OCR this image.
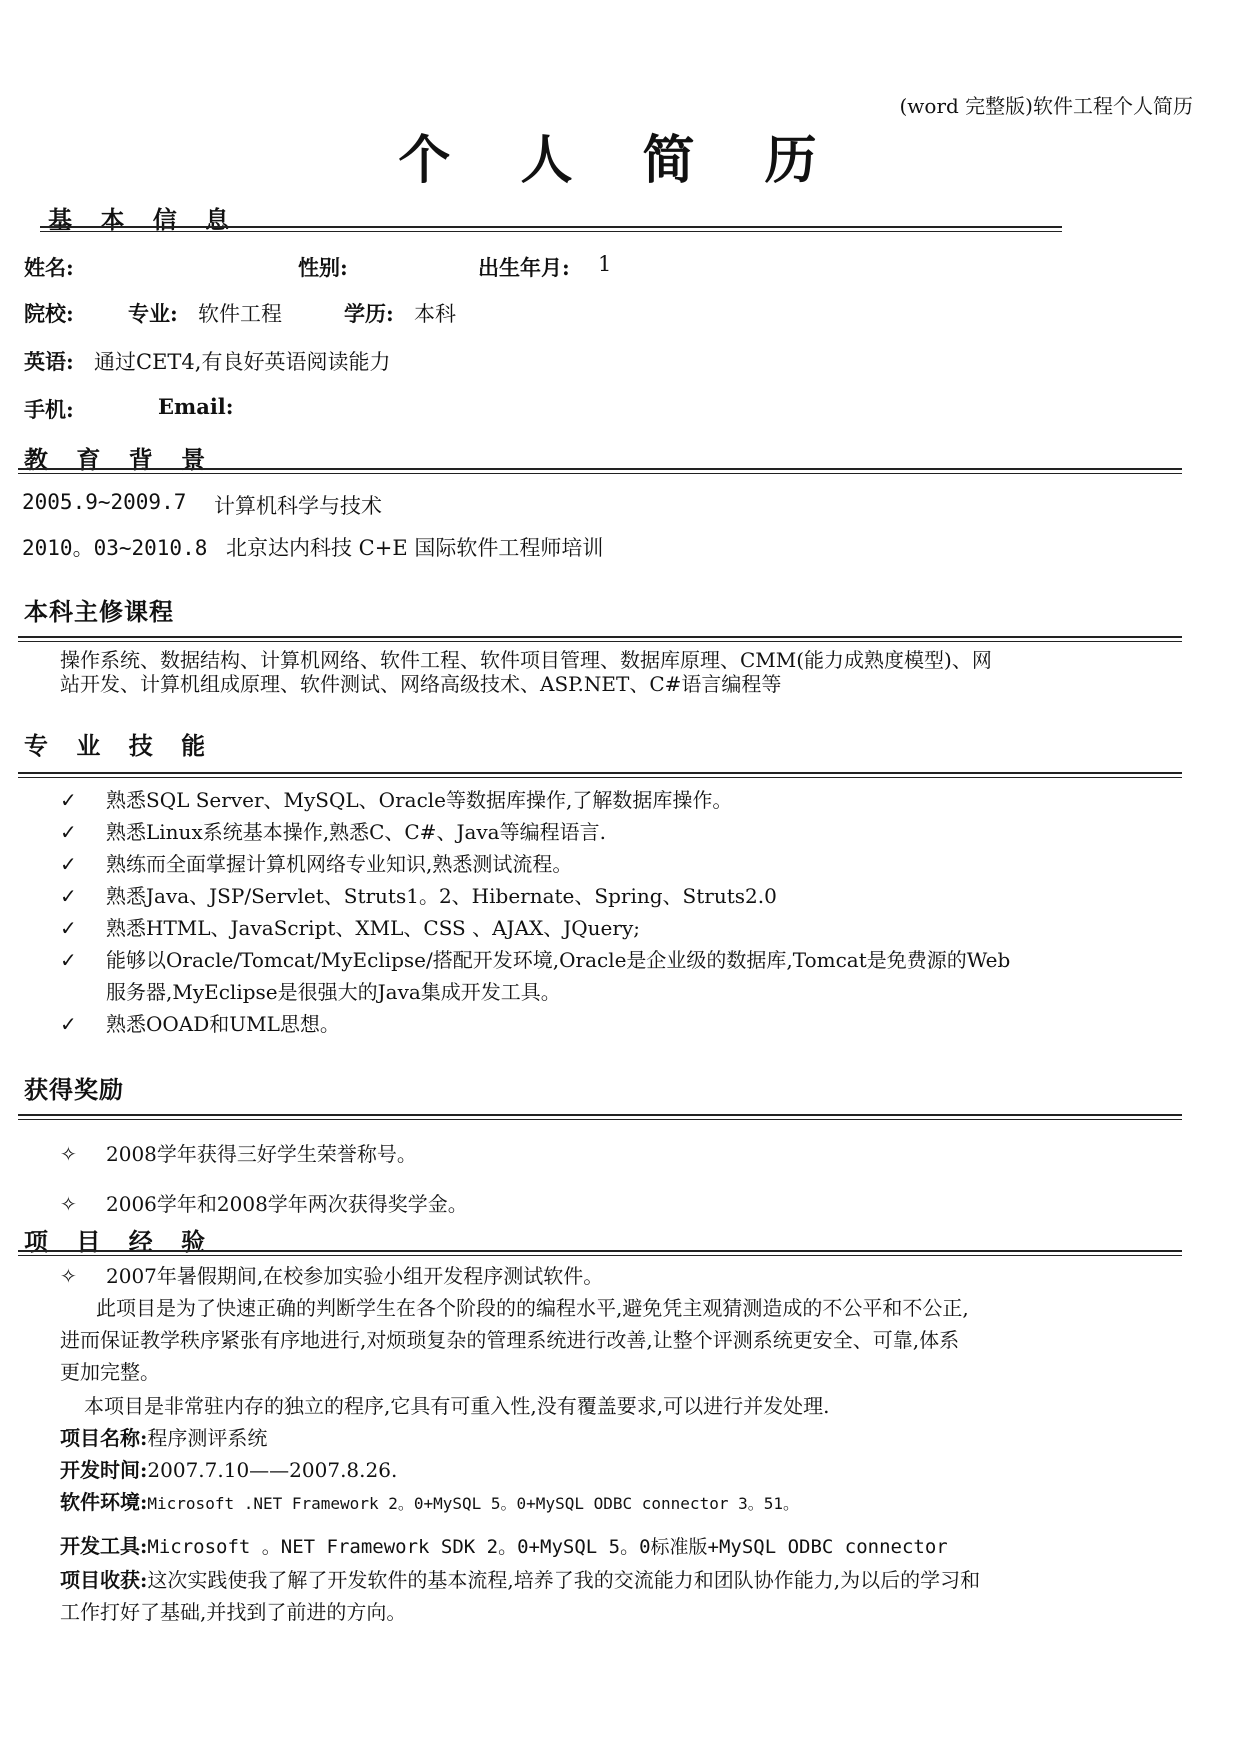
(word 完整版)软件工程个人简历
个 人 简 历
基 本 信 息
姓名:	性别:	出生年月: 1
院校:	专业: 软件工程	学历: 本科
英语: 通过CET4,有良好英语阅读能力
手机:	Email:
教 育 背 景
2005.9~2009.7 计算机科学与技术
2010。03~2010.8 北京达内科技 C+E 国际软件工程师培训
本科主修课程
操作系统、数据结构、计算机网络、软件工程、软件项目管理、数据库原理、CMM(能力成熟度模型)、网
站开发、计算机组成原理、软件测试、网络高级技术、ASP.NET、C#语言编程等
专 业 技 能
✓ 熟悉SQL Server、MySQL、Oracle等数据库操作,了解数据库操作。
✓ 熟悉Linux系统基本操作,熟悉C、C#、Java等编程语言.
✓ 熟练而全面掌握计算机网络专业知识,熟悉测试流程。
✓ 熟悉Java、JSP/Servlet、Struts1。2、Hibernate、Spring、Struts2.0
✓ 熟悉HTML、JavaScript、XML、CSS 、AJAX、JQuery;
✓ 能够以Oracle/Tomcat/MyEclipse/搭配开发环境,Oracle是企业级的数据库,Tomcat是免费源的Web
服务器,MyEclipse是很强大的Java集成开发工具。
✓ 熟悉OOAD和UML思想。
获得奖励
✧ 2008学年获得三好学生荣誉称号。
✧ 2006学年和2008学年两次获得奖学金。
项 目 经 验
✧ 2007年暑假期间,在校参加实验小组开发程序测试软件。
此项目是为了快速正确的判断学生在各个阶段的的编程水平,避免凭主观猜测造成的不公平和不公正,
进而保证教学秩序紧张有序地进行,对烦琐复杂的管理系统进行改善,让整个评测系统更安全、可靠,体系
更加完整。
本项目是非常驻内存的独立的程序,它具有可重入性,没有覆盖要求,可以进行并发处理.
项目名称:程序测评系统
开发时间:2007.7.10——2007.8.26.
软件环境:Microsoft .NET Framework 2。0+MySQL 5。0+MySQL ODBC connector 3。51。
开发工具:Microsoft 。NET Framework SDK 2。0+MySQL 5。0标准版+MySQL ODBC connector
项目收获:这次实践使我了解了开发软件的基本流程,培养了我的交流能力和团队协作能力,为以后的学习和
工作打好了基础,并找到了前进的方向。
